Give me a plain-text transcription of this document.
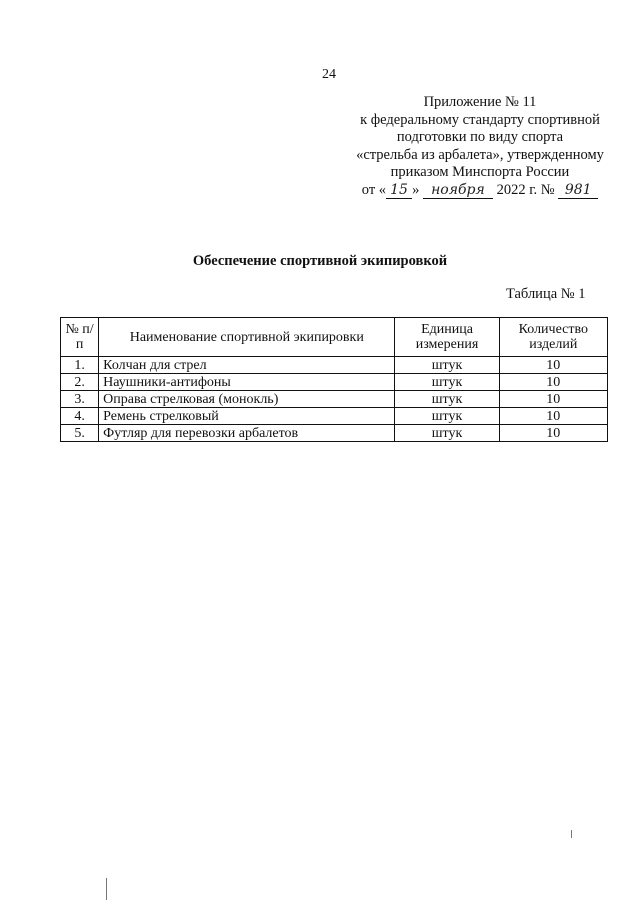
24
Приложение № 11
к федеральному стандарту спортивной
подготовки по виду спорта
«стрельба из арбалета», утвержденному
приказом Минспорта России
от « 15 » ноября 2022 г. № 981
Обеспечение спортивной экипировкой
Таблица № 1
№ п/п	Наименование спортивной экипировки	Единица измерения	Количество изделий
1.	Колчан для стрел	штук	10
2.	Наушники-антифоны	штук	10
3.	Оправа стрелковая (монокль)	штук	10
4.	Ремень стрелковый	штук	10
5.	Футляр для перевозки арбалетов	штук	10
